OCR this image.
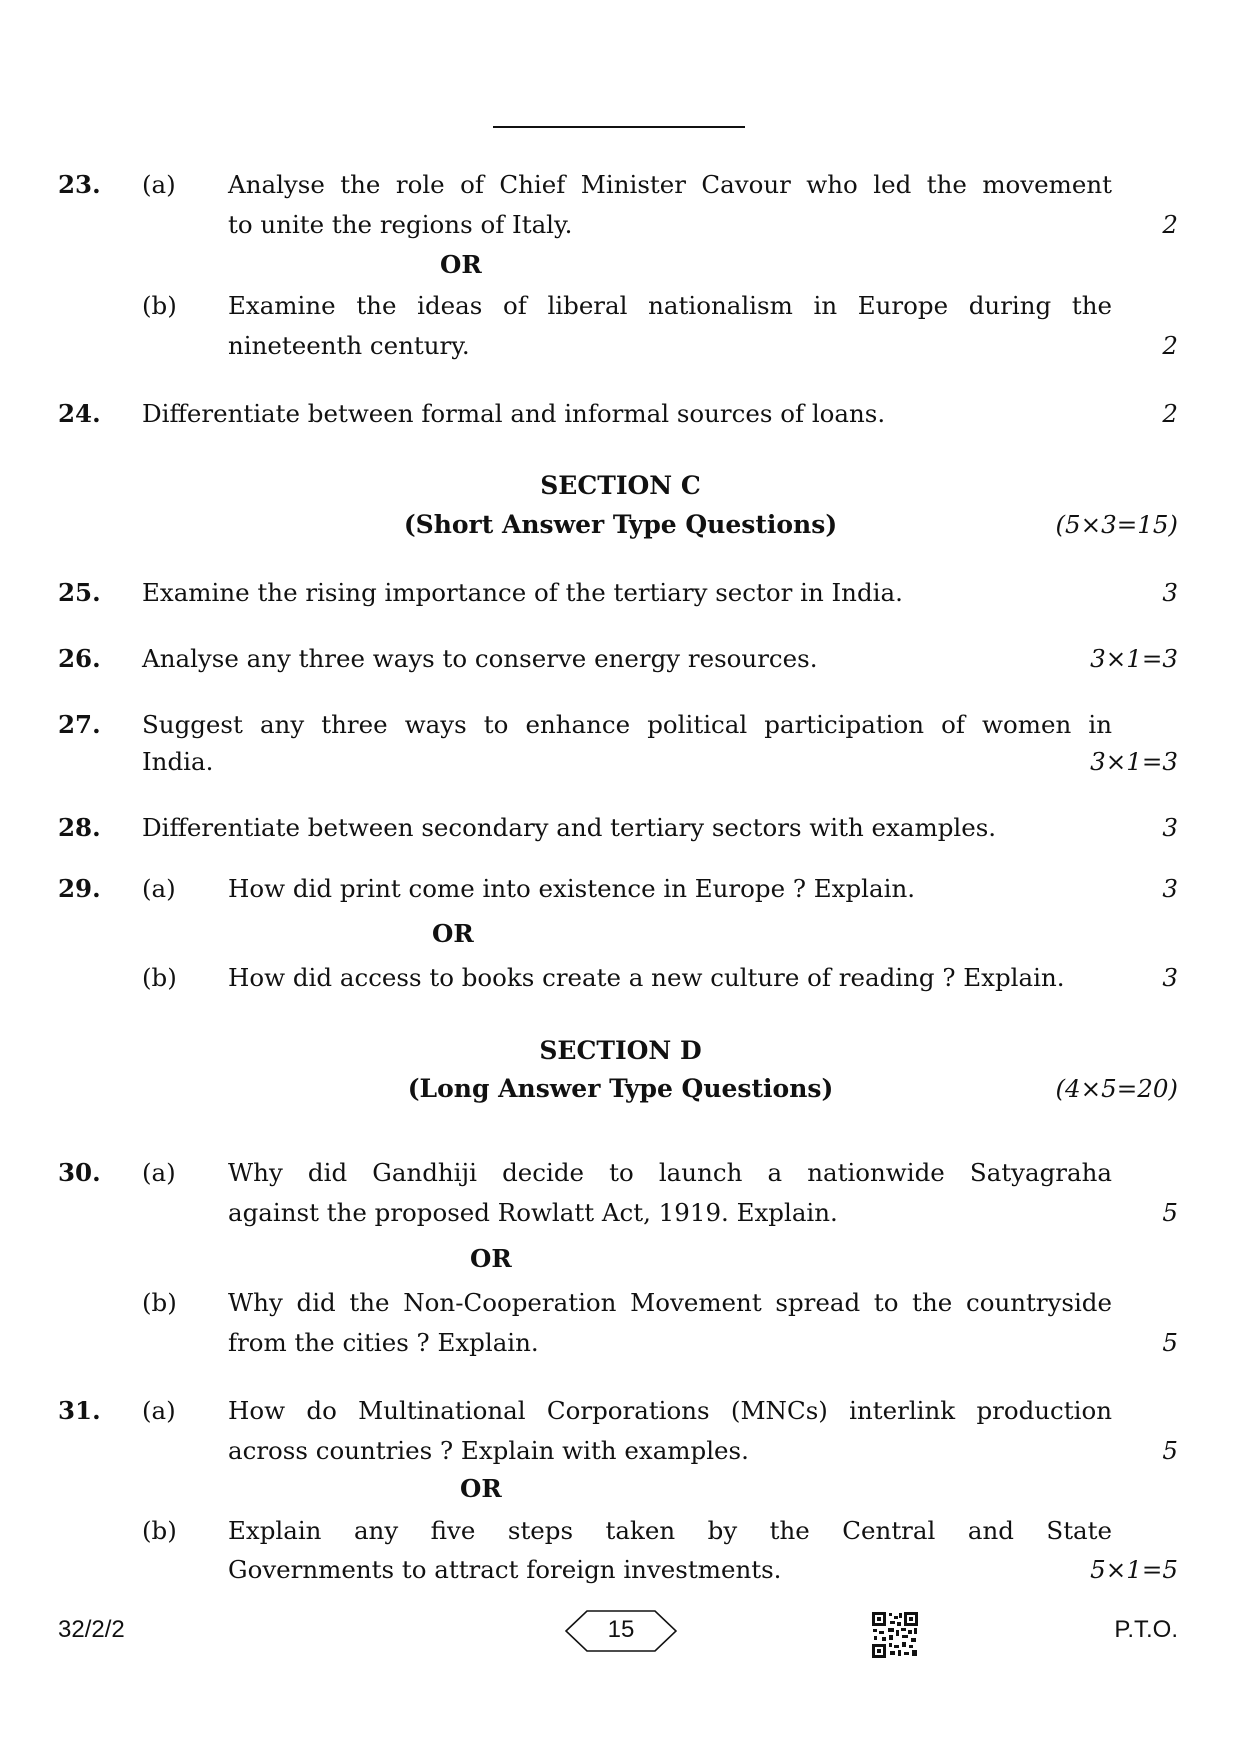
23. (a) Analyse the role of Chief Minister Cavour who led the movement
to unite the regions of Italy.	2
OR
(b) Examine the ideas of liberal nationalism in Europe during the
nineteenth century.	2
24. Differentiate between formal and informal sources of loans.	2
SECTION C
(Short Answer Type Questions)	(5×3=15)
25. Examine the rising importance of the tertiary sector in India.	3
26. Analyse any three ways to conserve energy resources.	3×1=3
27. Suggest any three ways to enhance political participation of women in
India.	3×1=3
28. Differentiate between secondary and tertiary sectors with examples.	3
29. (a) How did print come into existence in Europe ? Explain.	3
OR
(b) How did access to books create a new culture of reading ? Explain.	3
SECTION D
(Long Answer Type Questions)	(4×5=20)
30. (a) Why did Gandhiji decide to launch a nationwide Satyagraha
against the proposed Rowlatt Act, 1919. Explain.	5
OR
(b) Why did the Non-Cooperation Movement spread to the countryside
from the cities ? Explain.	5
31. (a) How do Multinational Corporations (MNCs) interlink production
across countries ? Explain with examples.	5
OR
(b) Explain any five steps taken by the Central and State
Governments to attract foreign investments.	5×1=5
32/2/2	15	P.T.O.
